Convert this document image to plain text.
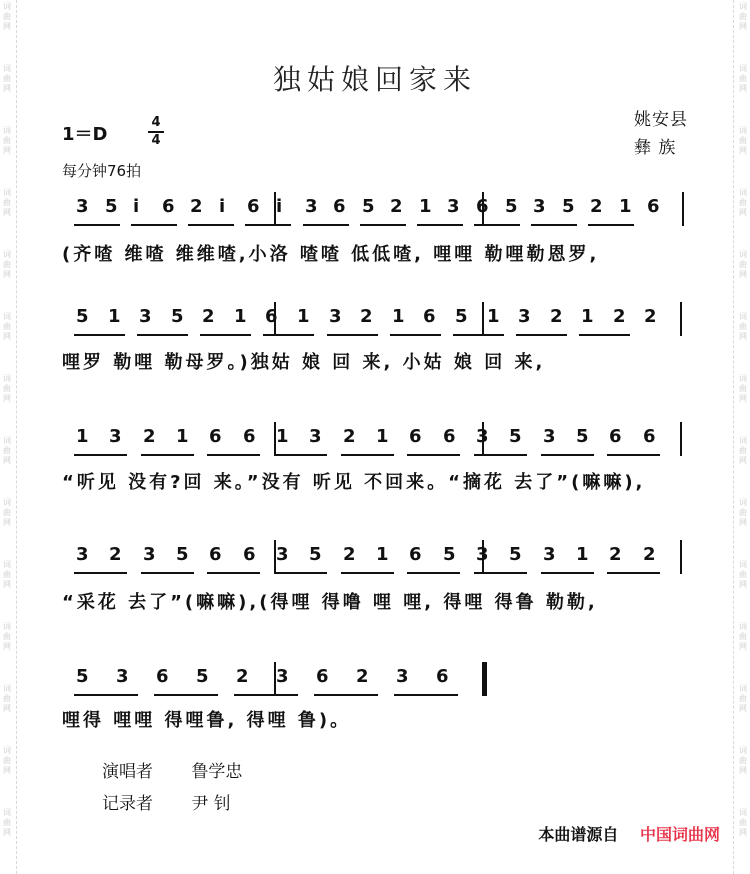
词
曲
网
词
曲
网
词
曲
网
词
曲
网
词
曲
网
词
曲
网
词
曲
网
词
曲
网
词
曲
网
词
曲
网
词
曲
网
词
曲
网
词
曲
网
词
曲
网
词
曲
网
词
曲
网
词
曲
网
词
曲
网
词
曲
网
词
曲
网
词
曲
网
词
曲
网
词
曲
网
词
曲
网
词
曲
网
词
曲
网
词
曲
网
词
曲
网
独姑娘回家来
1＝D
4
4
每分钟76拍
姚安县
彝 族
3 5 i 6 2 i 6 i 3 6 5 2 1 3 6 5 3 5 2 1 6
(齐喳 维喳 维维喳,小洛 喳喳 低低喳, 哩哩 勒哩勒恩罗,
5 1 3 5 2 1 6 1 3 2 1 6 5 1 3 2 1 2 2
哩罗 勒哩 勒母罗。)独姑 娘 回 来, 小姑 娘 回 来,
1 3 2 1 6 6 1 3 2 1 6 6 3 5 3 5 6 6
“听见 没有?回 来。”没有 听见 不回来。“摘花 去了”(嘛嘛),
3 2 3 5 6 6 3 5 2 1 6 5 3 5 3 1 2 2
“采花 去了”(嘛嘛),(得哩 得噜 哩 哩, 得哩 得鲁 勒勒,
5 3 6 5 2 3 6 2 3 6
哩得 哩哩 得哩鲁, 得哩 鲁)。
演唱者 鲁学忠
记录者 尹 钊
本曲谱源自 中国词曲网
